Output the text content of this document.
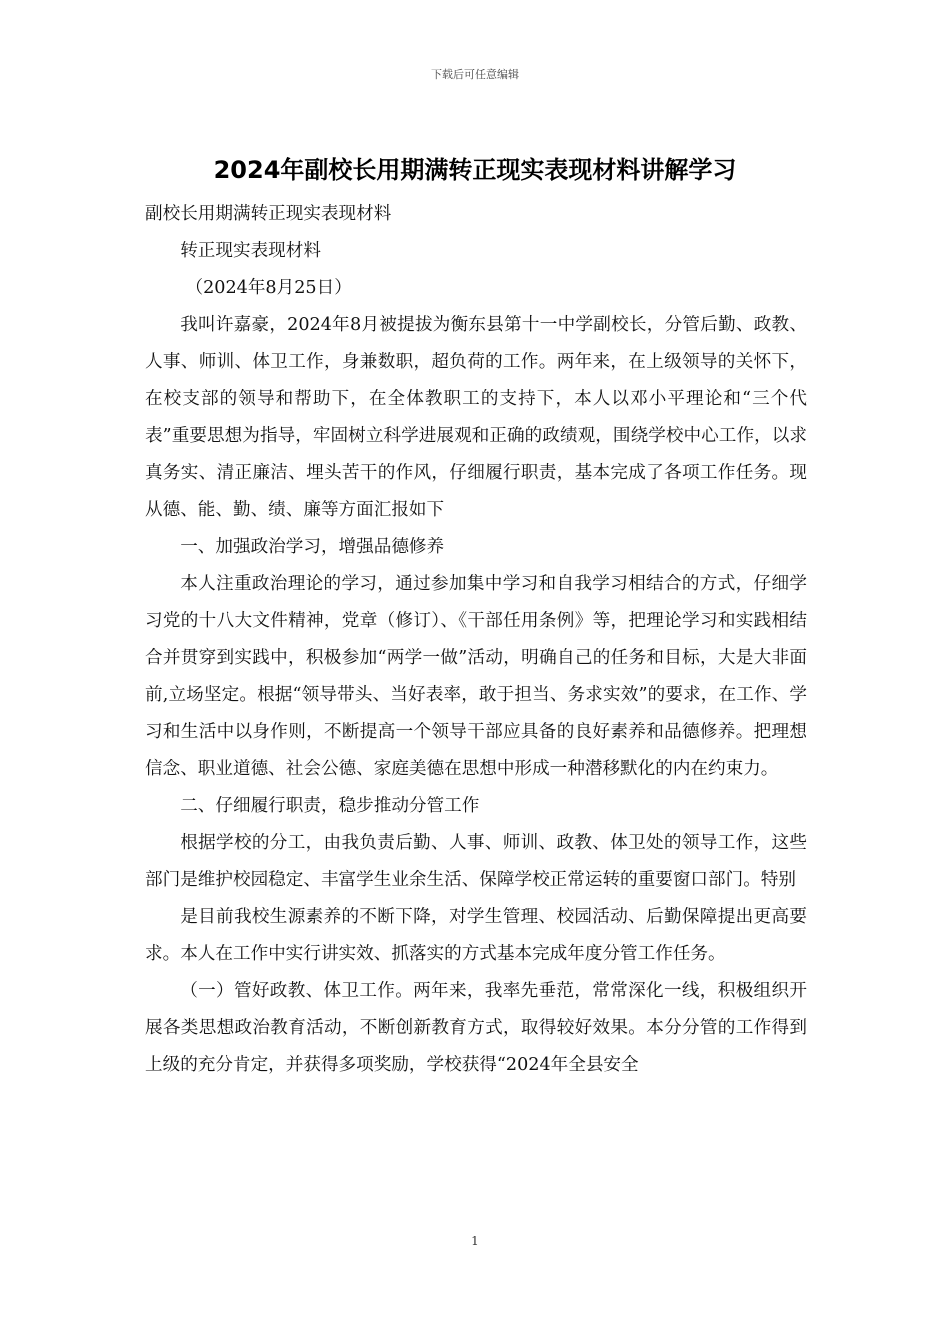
下载后可任意编辑
2024年副校长用期满转正现实表现材料讲解学习

副校长用期满转正现实表现材料

转正现实表现材料

（2024年8月25日）

我叫许嘉豪，2024年8月被提拔为衡东县第十一中学副校长，分管后勤、政教、人事、师训、体卫工作，身兼数职，超负荷的工作。两年来，在上级领导的关怀下，在校支部的领导和帮助下，在全体教职工的支持下，本人以邓小平理论和“三个代表”重要思想为指导，牢固树立科学进展观和正确的政绩观，围绕学校中心工作，以求真务实、清正廉洁、埋头苦干的作风，仔细履行职责，基本完成了各项工作任务。现从德、能、勤、绩、廉等方面汇报如下

一、加强政治学习，增强品德修养

本人注重政治理论的学习，通过参加集中学习和自我学习相结合的方式，仔细学习党的十八大文件精神，党章（修订）、《干部任用条例》等，把理论学习和实践相结合并贯穿到实践中，积极参加“两学一做”活动，明确自己的任务和目标，大是大非面前,立场坚定。根据“领导带头、当好表率，敢于担当、务求实效”的要求，在工作、学习和生活中以身作则，不断提高一个领导干部应具备的良好素养和品德修养。把理想信念、职业道德、社会公德、家庭美德在思想中形成一种潜移默化的内在约束力。

二、仔细履行职责，稳步推动分管工作

根据学校的分工，由我负责后勤、人事、师训、政教、体卫处的领导工作，这些部门是维护校园稳定、丰富学生业余生活、保障学校正常运转的重要窗口部门。特别

是目前我校生源素养的不断下降，对学生管理、校园活动、后勤保障提出更高要求。本人在工作中实行讲实效、抓落实的方式基本完成年度分管工作任务。

（一）管好政教、体卫工作。两年来，我率先垂范，常常深化一线，积极组织开展各类思想政治教育活动，不断创新教育方式，取得较好效果。本分分管的工作得到上级的充分肯定，并获得多项奖励，学校获得“2024年全县安全

1
